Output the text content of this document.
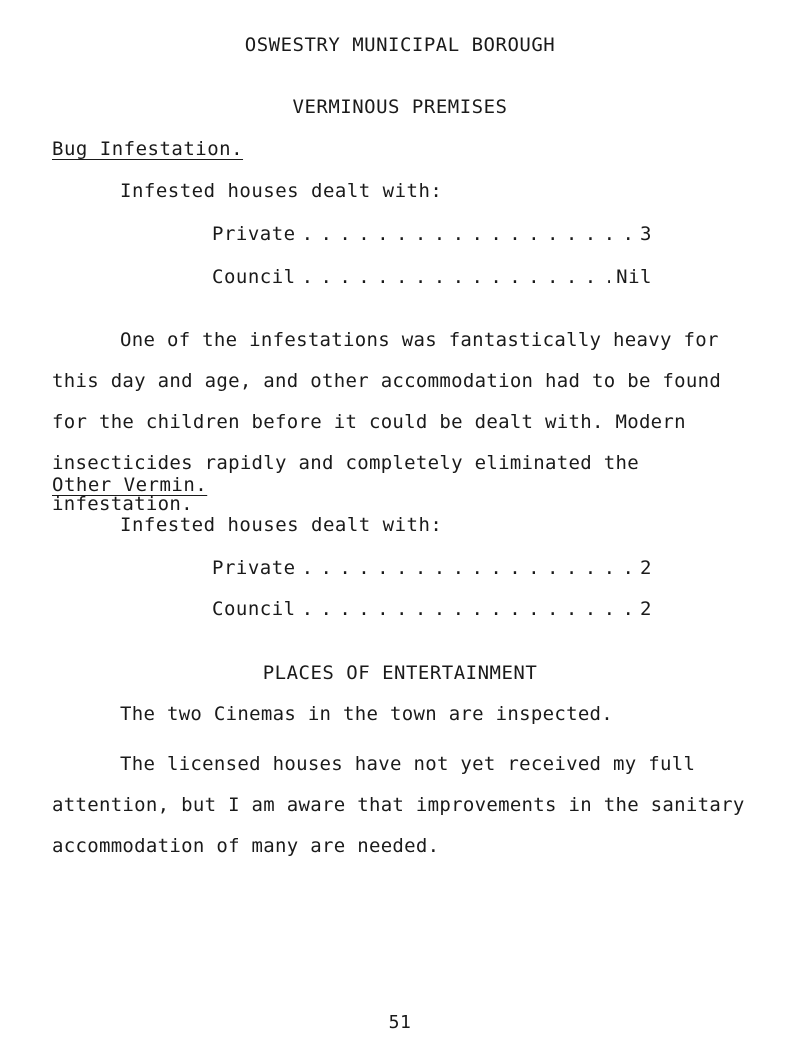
OSWESTRY MUNICIPAL BOROUGH
VERMINOUS PREMISES
Bug Infestation.
Infested houses dealt with:
Private . . .	3
Council . . .	Nil
One of the infestations was fantastically heavy for this day and age, and other accommodation had to be found for the children before it could be dealt with. Modern insecticides rapidly and completely eliminated the infestation.
Other Vermin.
Infested houses dealt with:
Private . . .	2
Council . . .	2
PLACES OF ENTERTAINMENT
The two Cinemas in the town are inspected.
The licensed houses have not yet received my full attention, but I am aware that improvements in the sanitary accommodation of many are needed.
51
